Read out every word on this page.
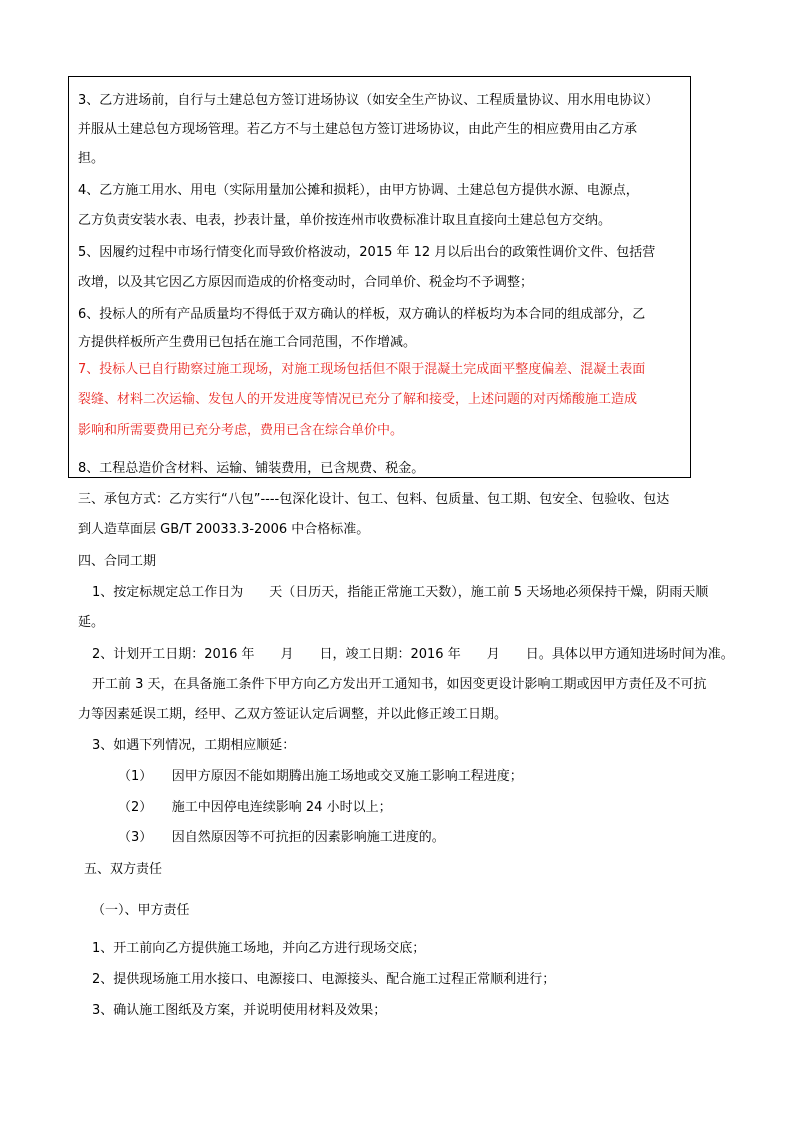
3、乙方进场前，自行与土建总包方签订进场协议（如安全生产协议、工程质量协议、用水用电协议）
并服从土建总包方现场管理。若乙方不与土建总包方签订进场协议，由此产生的相应费用由乙方承
担。
4、乙方施工用水、用电（实际用量加公摊和损耗），由甲方协调、土建总包方提供水源、电源点，
乙方负责安装水表、电表，抄表计量，单价按连州市收费标准计取且直接向土建总包方交纳。
5、因履约过程中市场行情变化而导致价格波动，2015 年 12 月以后出台的政策性调价文件、包括营
改增，以及其它因乙方原因而造成的价格变动时，合同单价、税金均不予调整；
6、投标人的所有产品质量均不得低于双方确认的样板，双方确认的样板均为本合同的组成部分，乙
方提供样板所产生费用已包括在施工合同范围，不作增减。
7、投标人已自行勘察过施工现场，对施工现场包括但不限于混凝土完成面平整度偏差、混凝土表面
裂缝、材料二次运输、发包人的开发进度等情况已充分了解和接受，上述问题的对丙烯酸施工造成
影响和所需要费用已充分考虑，费用已含在综合单价中。
8、工程总造价含材料、运输、铺装费用，已含规费、税金。
三、承包方式：乙方实行“八包”----包深化设计、包工、包料、包质量、包工期、包安全、包验收、包达
到人造草面层 GB/T 20033.3-2006 中合格标准。
四、合同工期
1、按定标规定总工作日为　　天（日历天，指能正常施工天数），施工前 5 天场地必须保持干燥，阴雨天顺
延。
2、计划开工日期：2016 年　　月　　日，竣工日期：2016 年　　月　　日。具体以甲方通知进场时间为准。
开工前 3 天，在具备施工条件下甲方向乙方发出开工通知书，如因变更设计影响工期或因甲方责任及不可抗
力等因素延误工期，经甲、乙双方签证认定后调整，并以此修正竣工日期。
3、如遇下列情况，工期相应顺延：
（1）　　因甲方原因不能如期腾出施工场地或交叉施工影响工程进度；
（2）　　施工中因停电连续影响 24 小时以上；
（3）　　因自然原因等不可抗拒的因素影响施工进度的。
五、双方责任
（一）、甲方责任
1、开工前向乙方提供施工场地，并向乙方进行现场交底；
2、提供现场施工用水接口、电源接口、电源接头、配合施工过程正常顺利进行；
3、确认施工图纸及方案，并说明使用材料及效果；
